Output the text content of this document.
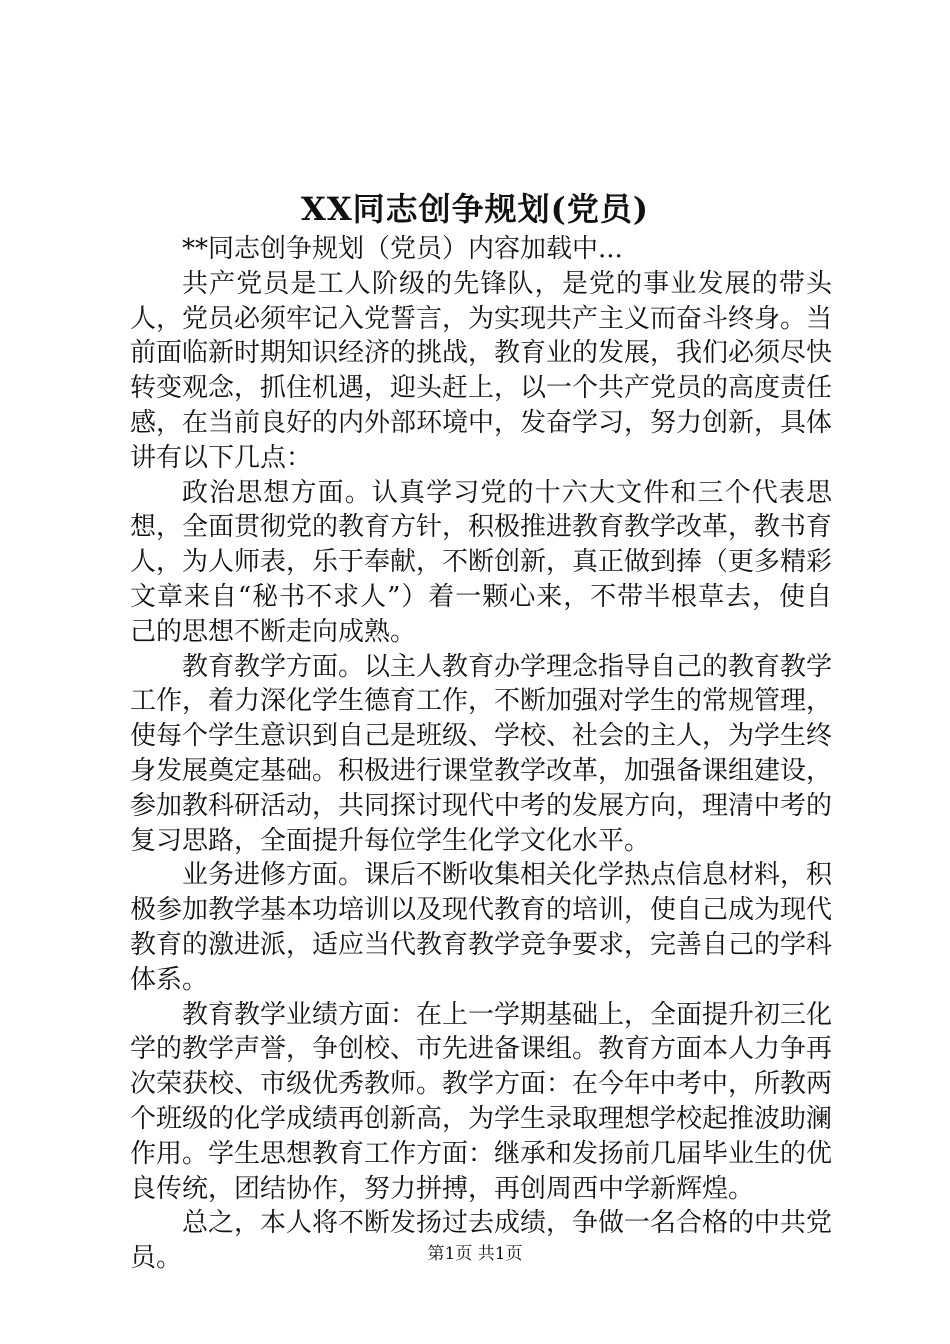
XX同志创争规划(党员)

**同志创争规划（党员）内容加载中...

共产党员是工人阶级的先锋队，是党的事业发展的带头人，党员必须牢记入党誓言，为实现共产主义而奋斗终身。当前面临新时期知识经济的挑战，教育业的发展，我们必须尽快转变观念，抓住机遇，迎头赶上，以一个共产党员的高度责任感，在当前良好的内外部环境中，发奋学习，努力创新，具体讲有以下几点：

政治思想方面。认真学习党的十六大文件和三个代表思想，全面贯彻党的教育方针，积极推进教育教学改革，教书育人，为人师表，乐于奉献，不断创新，真正做到捧（更多精彩文章来自“秘书不求人”）着一颗心来，不带半根草去，使自己的思想不断走向成熟。

教育教学方面。以主人教育办学理念指导自己的教育教学工作，着力深化学生德育工作，不断加强对学生的常规管理，使每个学生意识到自己是班级、学校、社会的主人，为学生终身发展奠定基础。积极进行课堂教学改革，加强备课组建设，参加教科研活动，共同探讨现代中考的发展方向，理清中考的复习思路，全面提升每位学生化学文化水平。

业务进修方面。课后不断收集相关化学热点信息材料，积极参加教学基本功培训以及现代教育的培训，使自己成为现代教育的激进派，适应当代教育教学竞争要求，完善自己的学科体系。

教育教学业绩方面：在上一学期基础上，全面提升初三化学的教学声誉，争创校、市先进备课组。教育方面本人力争再次荣获校、市级优秀教师。教学方面：在今年中考中，所教两个班级的化学成绩再创新高，为学生录取理想学校起推波助澜作用。学生思想教育工作方面：继承和发扬前几届毕业生的优良传统，团结协作，努力拼搏，再创周西中学新辉煌。

总之，本人将不断发扬过去成绩，争做一名合格的中共党员。	第1页 共1页
